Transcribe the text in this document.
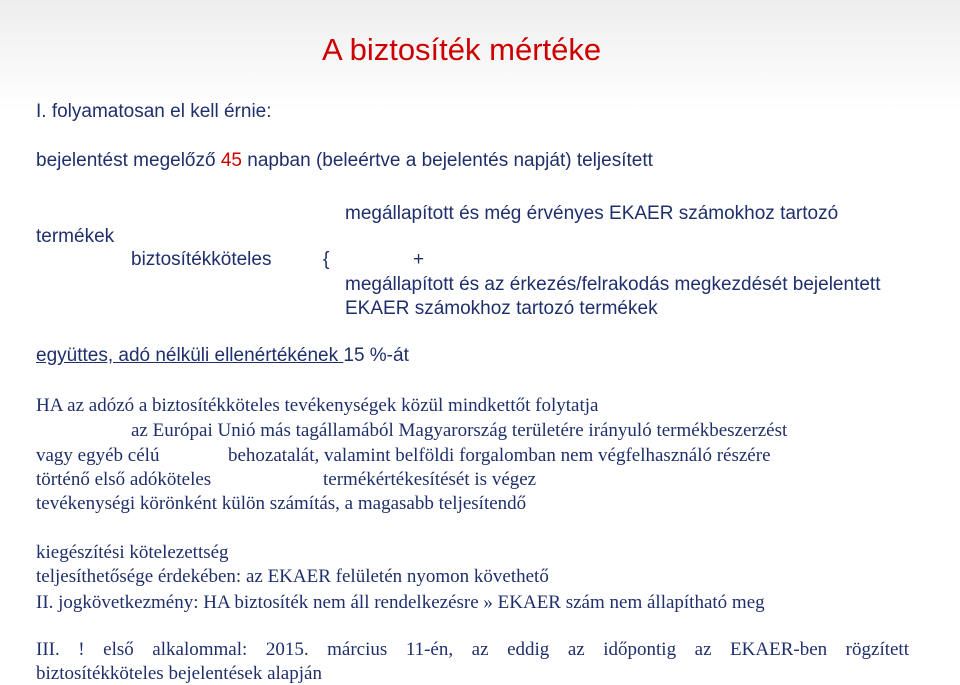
A biztosíték mértéke
I. folyamatosan el kell érnie:
bejelentést megelőző 45 napban (beleértve a bejelentés napját) teljesített
megállapított és még érvényes EKAER számokhoz tartozó
termékek
biztosítékköteles	{	+
megállapított és az érkezés/felrakodás megkezdését bejelentett
EKAER számokhoz tartozó termékek
együttes, adó nélküli ellenértékének 15 %-át
HA az adózó a biztosítékköteles tevékenységek közül mindkettőt folytatja
az Európai Unió más tagállamából Magyarország területére irányuló termékbeszerzést
vagy egyéb célú	behozatalát, valamint belföldi forgalomban nem végfelhasználó részére
történő első adóköteles	termékértékesítését is végez
tevékenységi körönként külön számítás, a magasabb teljesítendő
kiegészítési kötelezettség
teljesíthetősége érdekében: az EKAER felületén nyomon követhető
II. jogkövetkezmény: HA biztosíték nem áll rendelkezésre » EKAER szám nem állapítható meg
III. ! első alkalommal: 2015. március 11-én, az eddig az időpontig az EKAER-ben rögzített
biztosítékköteles bejelentések alapján
